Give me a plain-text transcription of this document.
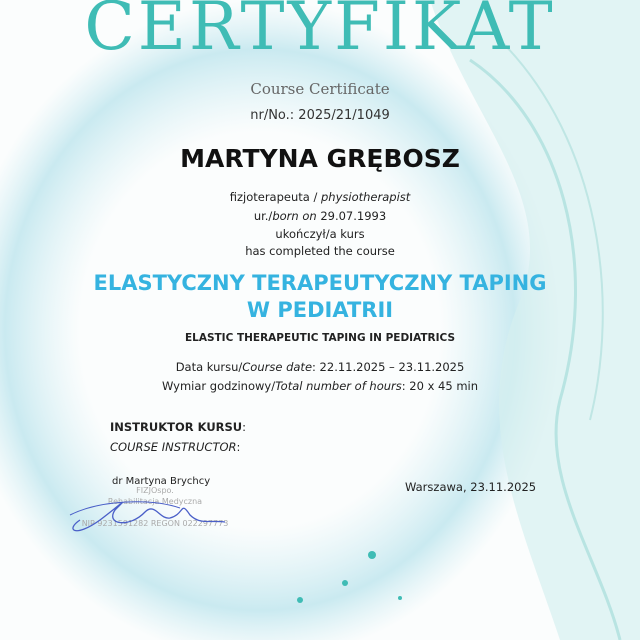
CERTYFIKAT
Course Certificate
nr/No.: 2025/21/1049
MARTYNA GRĘBOSZ
fizjoterapeuta / physiotherapist
ur./born on 29.07.1993
ukończył/a kurs
has completed the course
ELASTYCZNY TERAPEUTYCZNY TAPING W PEDIATRII
ELASTIC THERAPEUTIC TAPING IN PEDIATRICS
Data kursu/Course date: 22.11.2025 – 23.11.2025
Wymiar godzinowy/Total number of hours: 20 x 45 min
INSTRUKTOR KURSU:
COURSE INSTRUCTOR:
dr Martyna Brychcy
FIZJOspo.
Rehabilitacja Medyczna
NIP 9231591282 REGON 022297773
Warszawa, 23.11.2025
